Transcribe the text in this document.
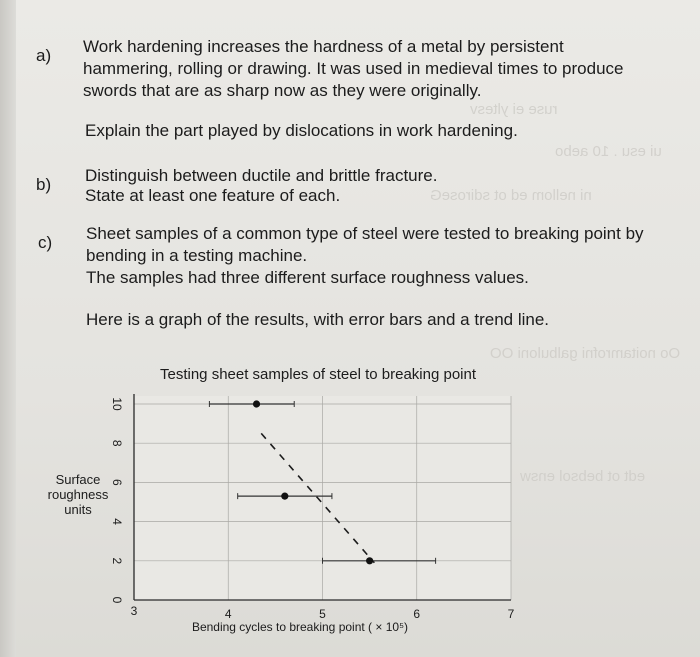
ruse ei yltesv
ui esu . 10 aebo
ni nellom ed ot sdiroseG
Oo noitamrofni galbuloni OO
edt ot bebsol ensw
a) Work hardening increases the hardness of a metal by persistent
hammering, rolling or drawing. It was used in medieval times to produce
swords that are as sharp now as they were originally.
Explain the part played by dislocations in work hardening.
b) Distinguish between ductile and brittle fracture.
State at least one feature of each.
c) Sheet samples of a common type of steel were tested to breaking point by
bending in a testing machine.
The samples had three different surface roughness values.
Here is a graph of the results, with error bars and a trend line.
Testing sheet samples of steel to breaking point
Surface roughness units
0
2
4
6
8
10
3	4	5	6	7
Bending cycles to breaking point ( × 10⁵)
